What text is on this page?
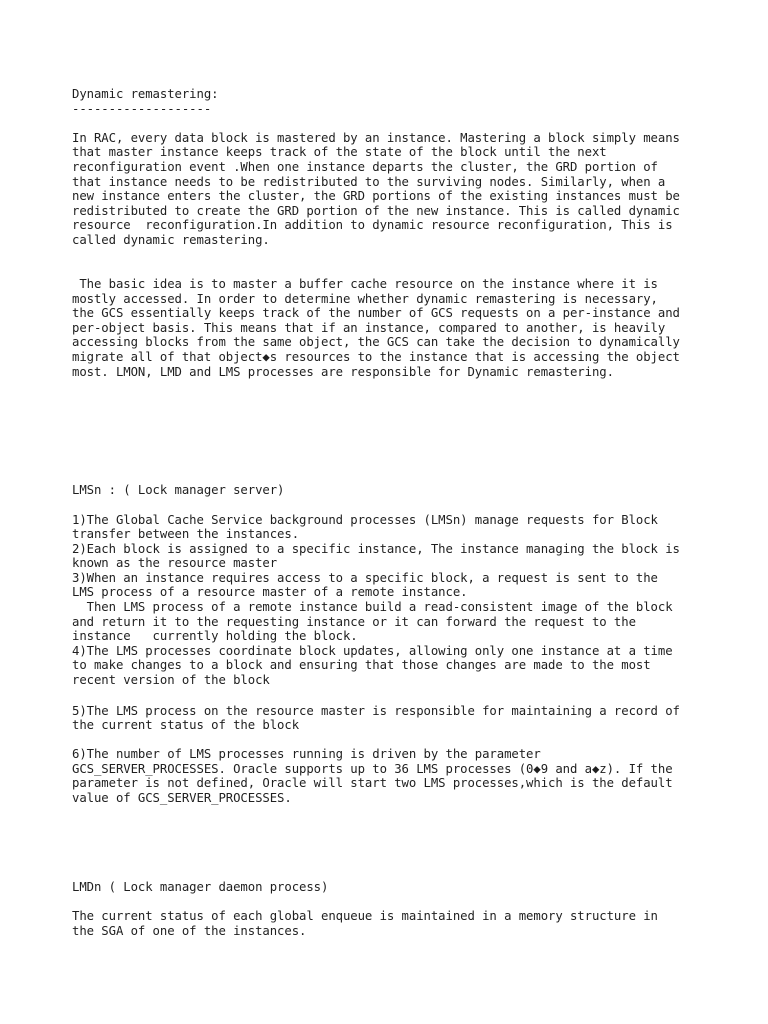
Dynamic remastering:
-------------------
In RAC, every data block is mastered by an instance. Mastering a block simply means
that master instance keeps track of the state of the block until the next
reconfiguration event .When one instance departs the cluster, the GRD portion of
that instance needs to be redistributed to the surviving nodes. Similarly, when a
new instance enters the cluster, the GRD portions of the existing instances must be
redistributed to create the GRD portion of the new instance. This is called dynamic
resource  reconfiguration.In addition to dynamic resource reconfiguration, This is
called dynamic remastering.
The basic idea is to master a buffer cache resource on the instance where it is
mostly accessed. In order to determine whether dynamic remastering is necessary,
the GCS essentially keeps track of the number of GCS requests on a per-instance and
per-object basis. This means that if an instance, compared to another, is heavily
accessing blocks from the same object, the GCS can take the decision to dynamically
migrate all of that object◆s resources to the instance that is accessing the object
most. LMON, LMD and LMS processes are responsible for Dynamic remastering.
LMSn : ( Lock manager server)
1)The Global Cache Service background processes (LMSn) manage requests for Block
transfer between the instances.
2)Each block is assigned to a specific instance, The instance managing the block is
known as the resource master
3)When an instance requires access to a specific block, a request is sent to the
LMS process of a resource master of a remote instance.
Then LMS process of a remote instance build a read-consistent image of the block
and return it to the requesting instance or it can forward the request to the
instance   currently holding the block.
4)The LMS processes coordinate block updates, allowing only one instance at a time
to make changes to a block and ensuring that those changes are made to the most
recent version of the block
5)The LMS process on the resource master is responsible for maintaining a record of
the current status of the block
6)The number of LMS processes running is driven by the parameter
GCS_SERVER_PROCESSES. Oracle supports up to 36 LMS processes (0◆9 and a◆z). If the
parameter is not defined, Oracle will start two LMS processes,which is the default
value of GCS_SERVER_PROCESSES.
LMDn ( Lock manager daemon process)
The current status of each global enqueue is maintained in a memory structure in
the SGA of one of the instances.
